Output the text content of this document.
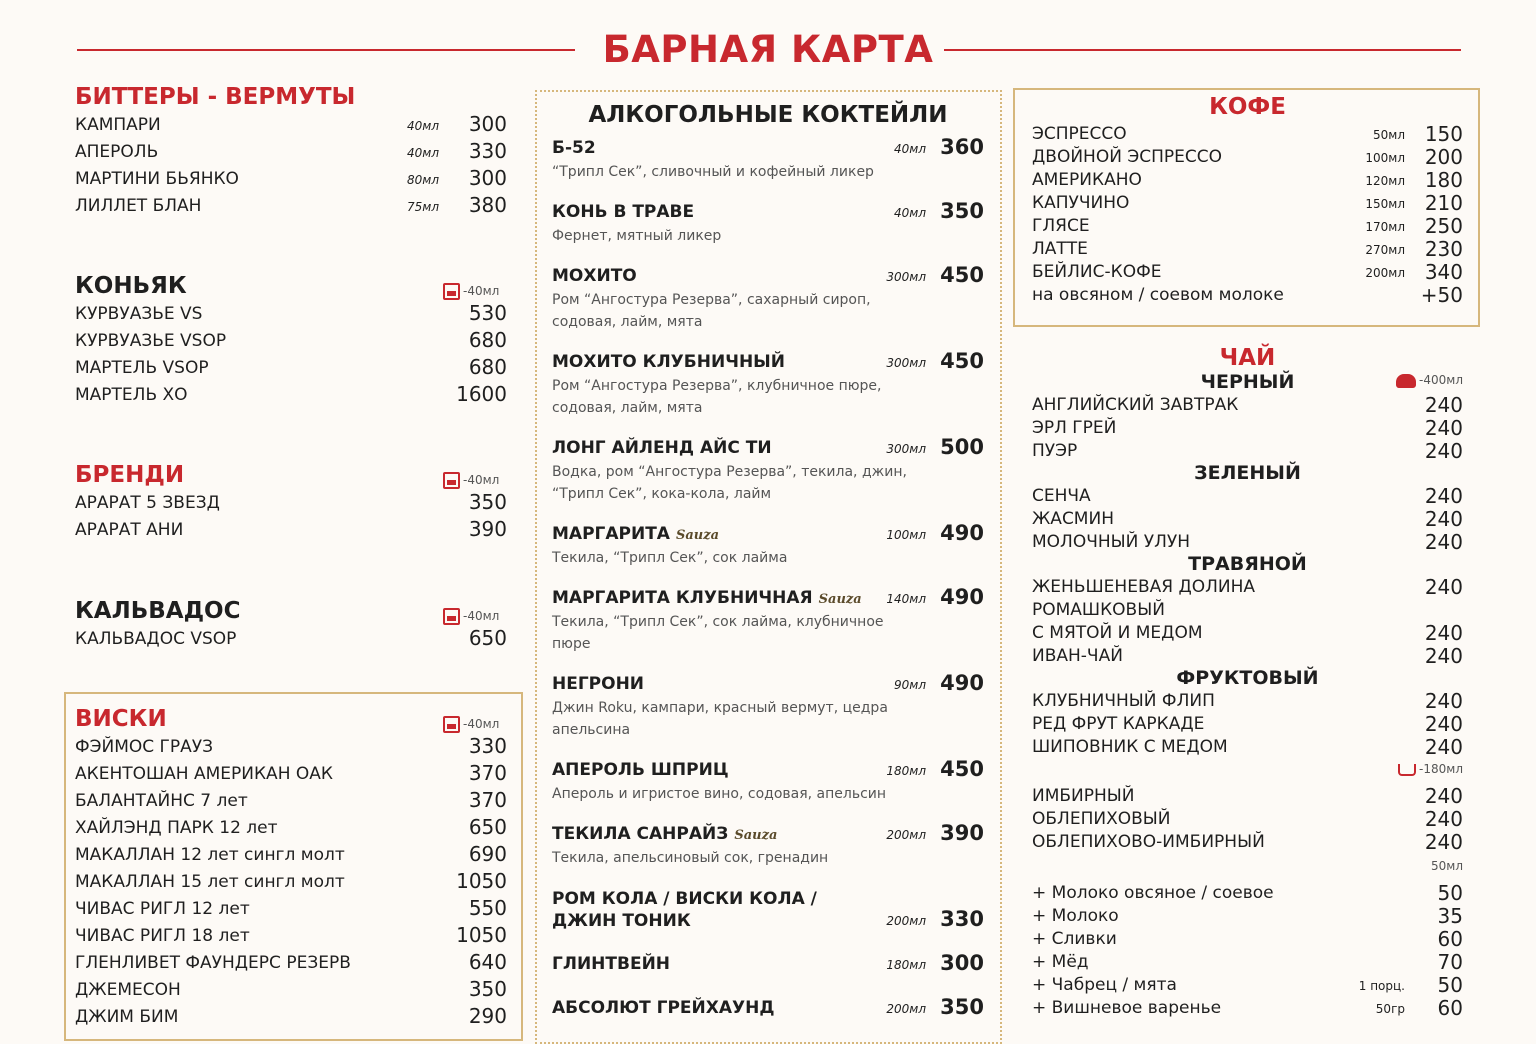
БАРНАЯ КАРТА
БИТТЕРЫ - ВЕРМУТЫ
КАМПАРИ	40мл 300
АПЕРОЛЬ	40мл 330
МАРТИНИ БЬЯНКО	80мл 300
ЛИЛЛЕТ БЛАН	75мл 380
КОНЬЯК	-40мл
КУРВУАЗЬЕ VS	530
КУРВУАЗЬЕ VSOP	680
МАРТЕЛЬ VSOP	680
МАРТЕЛЬ ХО	1600
БРЕНДИ	-40мл
АРАРАТ 5 ЗВЕЗД	350
АРАРАТ АНИ	390
КАЛЬВАДОС	-40мл
КАЛЬВАДОС VSOP	650
ВИСКИ	-40мл
ФЭЙМОС ГРАУЗ	330
АКЕНТОШАН АМЕРИКАН ОАК	370
БАЛАНТАЙНС 7 лет	370
ХАЙЛЭНД ПАРК 12 лет	650
МАКАЛЛАН 12 лет сингл молт	690
МАКАЛЛАН 15 лет сингл молт	1050
ЧИВАС РИГЛ 12 лет	550
ЧИВАС РИГЛ 18 лет	1050
ГЛЕНЛИВЕТ ФАУНДЕРС РЕЗЕРВ	640
ДЖЕМЕСОН	350
ДЖИМ БИМ	290
АЛКОГОЛЬНЫЕ КОКТЕЙЛИ
Б-52	40мл 360
“Трипл Сек”, сливочный и кофейный ликер
КОНЬ В ТРАВЕ	40мл 350
Фернет, мятный ликер
МОХИТО	300мл 450
Ром “Ангостура Резерва”, сахарный сироп, содовая, лайм, мята
МОХИТО КЛУБНИЧНЫЙ	300мл 450
Ром “Ангостура Резерва”, клубничное пюре, содовая, лайм, мята
ЛОНГ АЙЛЕНД АЙС ТИ	300мл 500
Водка, ром “Ангостура Резерва”, текила, джин, “Трипл Сек”, кока-кола, лайм
МАРГАРИТА Sauza	100мл 490
Текила, “Трипл Сек”, сок лайма
МАРГАРИТА КЛУБНИЧНАЯ Sauza 140мл 490
Текила, “Трипл Сек”, сок лайма, клубничное пюре
НЕГРОНИ	90мл 490
Джин Roku, кампари, красный вермут, цедра апельсина
АПЕРОЛЬ ШПРИЦ	180мл 450
Апероль и игристое вино, содовая, апельсин
ТЕКИЛА САНРАЙЗ Sauza	200мл 390
Текила, апельсиновый сок, гренадин
РОМ КОЛА / ВИСКИ КОЛА / ДЖИН ТОНИК	200мл 330
ГЛИНТВЕЙН	180мл 300
АБСОЛЮТ ГРЕЙХАУНД	200мл 350
КОФЕ
ЭСПРЕССО	50мл 150
ДВОЙНОЙ ЭСПРЕССО	100мл 200
АМЕРИКАНО	120мл 180
КАПУЧИНО	150мл 210
ГЛЯСЕ	170мл 250
ЛАТТЕ	270мл 230
БЕЙЛИС-КОФЕ	200мл 340
на овсяном / соевом молоке	+50
ЧАЙ
-400мл
ЧЕРНЫЙ
АНГЛИЙСКИЙ ЗАВТРАК	240
ЭРЛ ГРЕЙ	240
ПУЭР	240
ЗЕЛЕНЫЙ
СЕНЧА	240
ЖАСМИН	240
МОЛОЧНЫЙ УЛУН	240
ТРАВЯНОЙ
ЖЕНЬШЕНЕВАЯ ДОЛИНА	240
РОМАШКОВЫЙ
С МЯТОЙ И МЕДОМ	240
ИВАН-ЧАЙ	240
ФРУКТОВЫЙ
КЛУБНИЧНЫЙ ФЛИП	240
РЕД ФРУТ КАРКАДЕ	240
ШИПОВНИК С МЕДОМ	240
-180мл
ИМБИРНЫЙ	240
ОБЛЕПИХОВЫЙ	240
ОБЛЕПИХОВО-ИМБИРНЫЙ	240
50мл
+ Молоко овсяное / соевое	50
+ Молоко	35
+ Сливки	60
+ Мёд	70
+ Чабрец / мята	1 порц. 50
+ Вишневое варенье	50гр 60
